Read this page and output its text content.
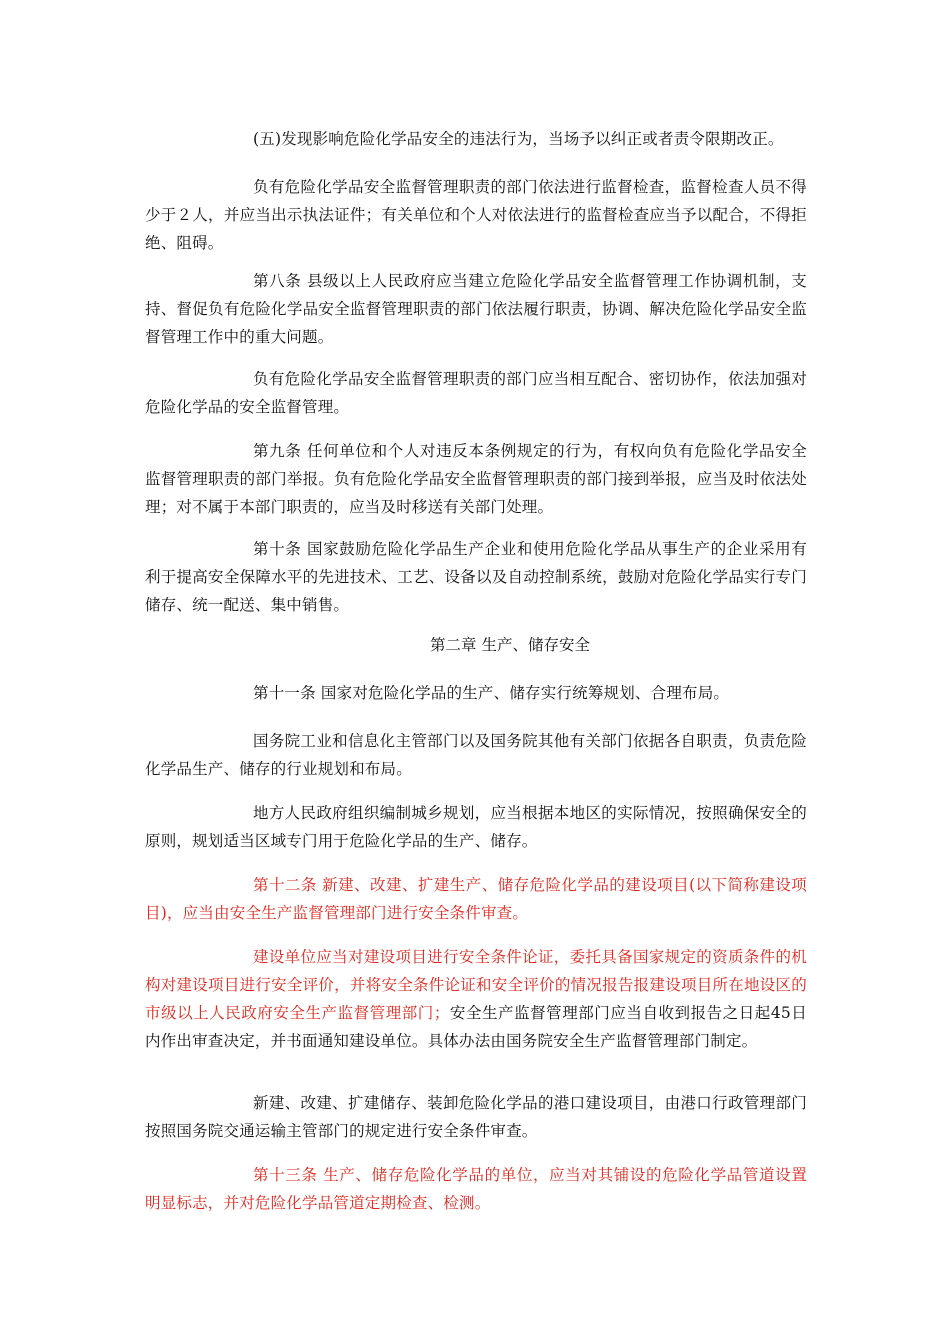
(五)发现影响危险化学品安全的违法行为，当场予以纠正或者责令限期改正。

负有危险化学品安全监督管理职责的部门依法进行监督检查，监督检查人员不得少于２人，并应当出示执法证件；有关单位和个人对依法进行的监督检查应当予以配合，不得拒绝、阻碍。

第八条 县级以上人民政府应当建立危险化学品安全监督管理工作协调机制，支持、督促负有危险化学品安全监督管理职责的部门依法履行职责，协调、解决危险化学品安全监督管理工作中的重大问题。

负有危险化学品安全监督管理职责的部门应当相互配合、密切协作，依法加强对危险化学品的安全监督管理。

第九条 任何单位和个人对违反本条例规定的行为，有权向负有危险化学品安全监督管理职责的部门举报。负有危险化学品安全监督管理职责的部门接到举报，应当及时依法处理；对不属于本部门职责的，应当及时移送有关部门处理。

第十条 国家鼓励危险化学品生产企业和使用危险化学品从事生产的企业采用有利于提高安全保障水平的先进技术、工艺、设备以及自动控制系统，鼓励对危险化学品实行专门储存、统一配送、集中销售。

第二章 生产、储存安全

第十一条 国家对危险化学品的生产、储存实行统筹规划、合理布局。

国务院工业和信息化主管部门以及国务院其他有关部门依据各自职责，负责危险化学品生产、储存的行业规划和布局。

地方人民政府组织编制城乡规划，应当根据本地区的实际情况，按照确保安全的原则，规划适当区域专门用于危险化学品的生产、储存。

第十二条 新建、改建、扩建生产、储存危险化学品的建设项目(以下简称建设项目)，应当由安全生产监督管理部门进行安全条件审查。

建设单位应当对建设项目进行安全条件论证，委托具备国家规定的资质条件的机构对建设项目进行安全评价，并将安全条件论证和安全评价的情况报告报建设项目所在地设区的市级以上人民政府安全生产监督管理部门；安全生产监督管理部门应当自收到报告之日起45日内作出审查决定，并书面通知建设单位。具体办法由国务院安全生产监督管理部门制定。

新建、改建、扩建储存、装卸危险化学品的港口建设项目，由港口行政管理部门按照国务院交通运输主管部门的规定进行安全条件审查。

第十三条 生产、储存危险化学品的单位，应当对其铺设的危险化学品管道设置明显标志，并对危险化学品管道定期检查、检测。
